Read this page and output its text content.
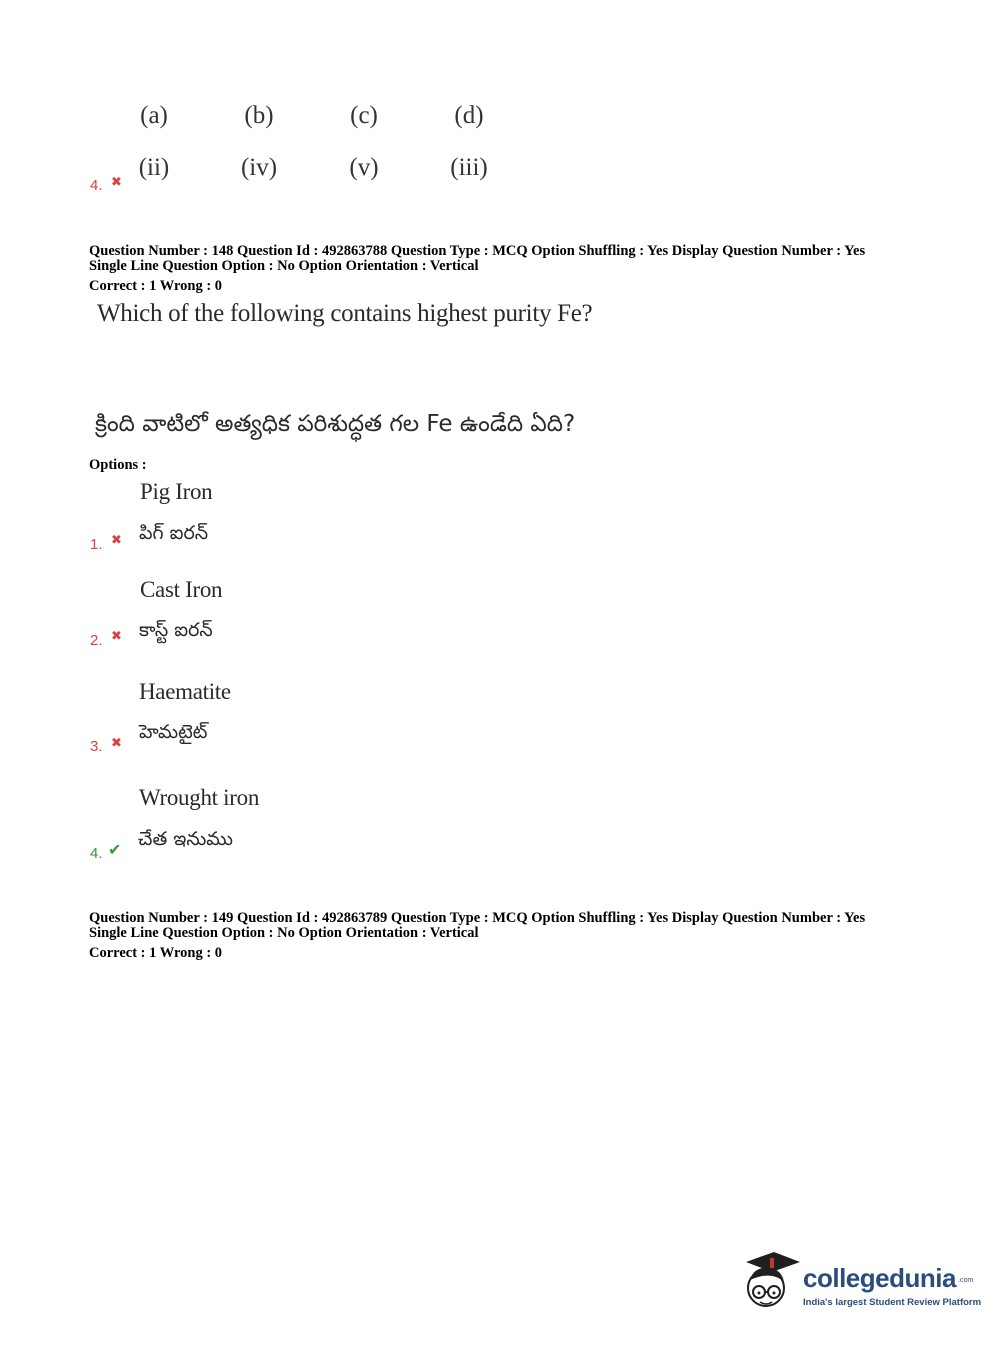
(a)	(b)	(c)	(d)
(ii)	(iv)	(v)	(iii)
4. ✖
Question Number : 148 Question Id : 492863788 Question Type : MCQ Option Shuffling : Yes Display Question Number : Yes
Single Line Question Option : No Option Orientation : Vertical
Correct : 1 Wrong : 0
Which of the following contains highest purity Fe?
క్రింది వాటిలో అత్యధిక పరిశుద్ధత గల Fe ఉండేది ఏది?
Options :
Pig Iron
పిగ్ ఐరన్
1. ✖
Cast Iron
కాస్ట్ ఐరన్
2. ✖
Haematite
హెమటైట్
3. ✖
Wrought iron
చేత ఇనుము
4. ✔
Question Number : 149 Question Id : 492863789 Question Type : MCQ Option Shuffling : Yes Display Question Number : Yes
Single Line Question Option : No Option Orientation : Vertical
Correct : 1 Wrong : 0
collegedunia .com
India's largest Student Review Platform
